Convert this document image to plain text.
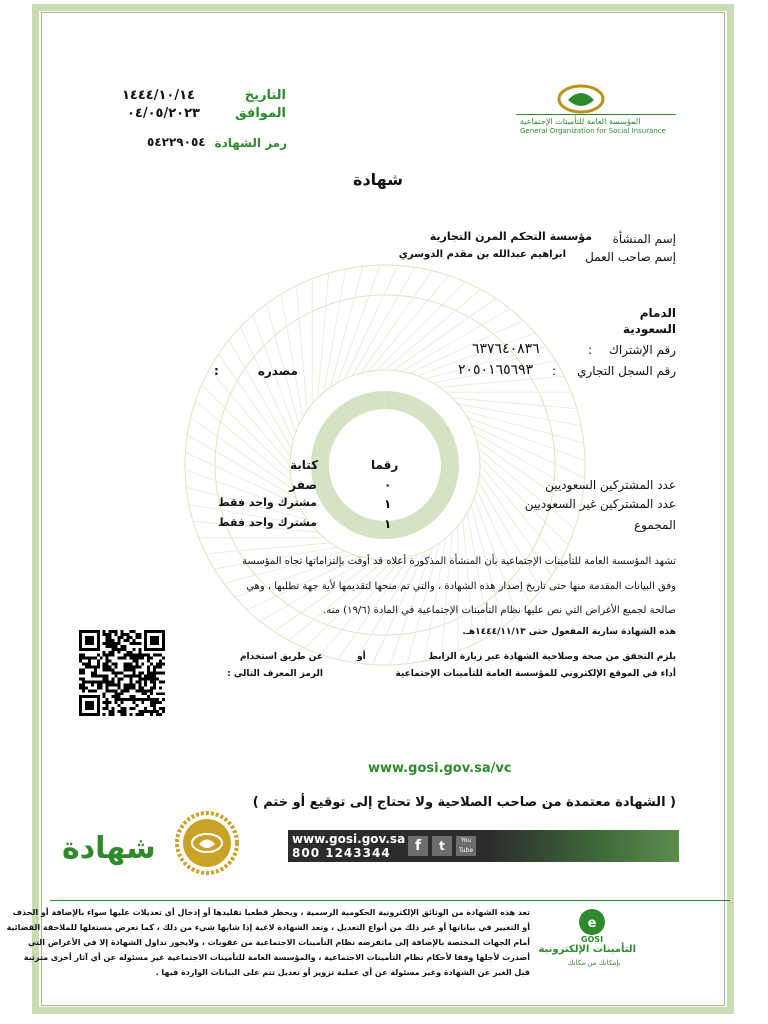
المؤسسة العامة للتأمينات الإجتماعية
General Organization for Social Insurance
التاريخ
١٤٤٤/١٠/١٤
الموافق
٠٤/٠٥/٢٠٢٣
رمز الشهادة
٥٤٢٢٩٠٥٤
شهادة
إسم المنشأة
مؤسسة التحكم المرن التجارية
إسم صاحب العمل
ابراهيم عبدالله بن مقدم الدوسري
الدمام
السعودية
رقم الإشتراك
:
٦٣٧٦٤٠٨٣٦
رقم السجل التجاري
:
٢٠٥٠١٦٥٦٩٣
مصدره
:
رقما
كتابة
عدد المشتركين السعوديين
٠
صفر
عدد المشتركين غير السعوديين
١
مشترك واحد فقط
المجموع
١
مشترك واحد فقط
تشهد المؤسسة العامة للتأمينات الإجتماعية بأن المنشأة المذكورة أعلاه قد أوفت بإلتزاماتها تجاه المؤسسة
وفق البيانات المقدمة منها حتى تاريخ إصدار هذه الشهادة ، والتي تم منحها لتقديمها لأية جهة تطلبها ، وهي
صالحة لجميع الأغراض التي نص عليها نظام التأمينات الإجتماعية في المادة (١٩/٦) منه.
هذه الشهادة سارية المفعول حتى ١٤٤٤/١١/١٣هـ.
يلزم التحقق من صحة وصلاحية الشهادة عبر زيارة الرابط
أو
عن طريق استخدام
أداء في الموقع الإلكتروني للمؤسسة العامة للتأمينات الإجتماعية
الرمز المعرف التالي :
www.gosi.gov.sa/vc
( الشهادة معتمدة من صاحب الصلاحية ولا تحتاج إلى توقيع أو ختم )
شهادة	www.gosi.gov.sa
800 1243344	f	t	You Tube
e
GOSI
التأمينات الإلكترونية
بإمكانك من مكانك
تعد هذه الشهادة من الوثائق الإلكترونية الحكومية الرسمية ، ويحظر قطعيا تقليدها أو إدخال أي تعديلات عليها سواء بالإضافة أو الحذف
أو التغيير في بياناتها أو غير ذلك من أنواع التعديل ، وتعد الشهادة لاغية إذا شابها شيء من ذلك ، كما تعرض مستغلها للملاحقة القضائية
أمام الجهات المختصة بالإضافة إلى ماتفرضه نظام التأمينات الاجتماعية من عقوبات ، ولايجوز تداول الشهادة إلا في الأغراض التي
أصدرت لأجلها وفقا لأحكام نظام التأمينات الاجتماعية ، والمؤسسة العامة للتأمينات الاجتماعية غير مسئوله عن أي آثار أخرى مترتبة
قبل الغير عن الشهادة وغير مسئولة عن أي عملية تزوير أو تعديل تتم على البيانات الواردة فيها .
